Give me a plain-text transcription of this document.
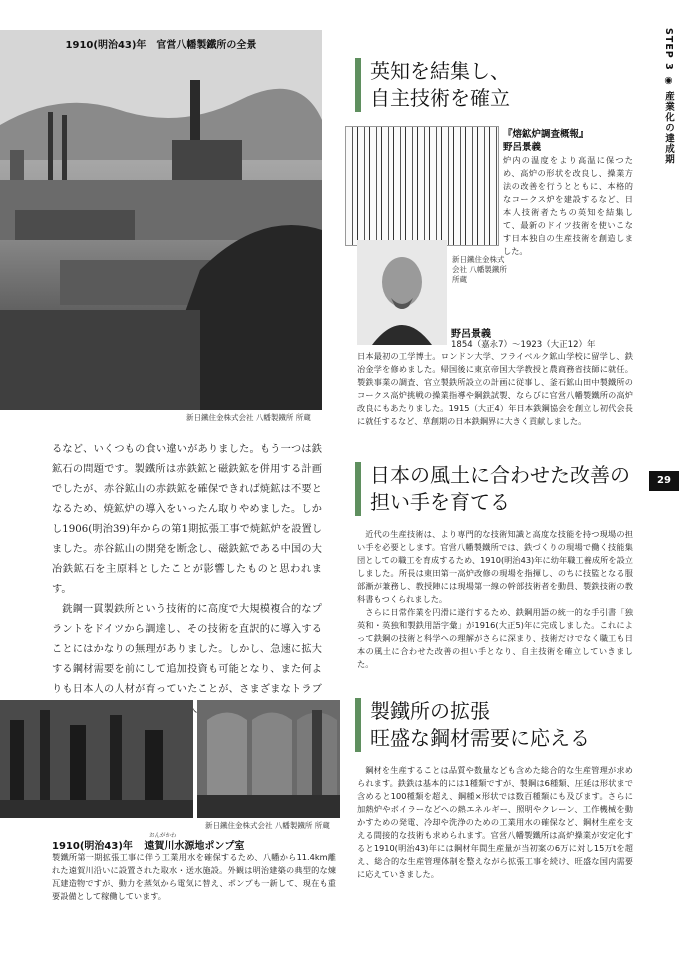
STEP 3 ◉ 産業化の達成期
29
1910(明治43)年　官営八幡製鐵所の全景
新日鐵住金株式会社 八幡製鐵所 所蔵
英知を結集し、
自主技術を確立
新日鐵住金株式会社 八幡製鐵所 所蔵
『熔鉱炉調査概報』
野呂景義
炉内の温度をより高温に保つため、高炉の形状を改良し、操業方法の改善を行うとともに、本格的なコークス炉を建設するなど、日本人技術者たちの英知を結集して、最新のドイツ技術を使いこなす日本独自の生産技術を創造しました。
野呂景義
1854（嘉永7）～1923（大正12）年
日本最初の工学博士。ロンドン大学、フライベルク鉱山学校に留学し、鉄冶金学を修めました。帰国後に東京帝国大学教授と農商務省技師に就任。製鉄事業の調査、官立製鉄所設立の計画に従事し、釜石鉱山田中製鐵所のコークス高炉挑戦の操業指導や鋼鉄試製、ならびに官営八幡製鐵所の高炉改良にもあたりました。1915（大正4）年日本鉄鋼協会を創立し初代会長に就任するなど、草創期の日本鉄鋼界に大きく貢献しました。

るなど、いくつもの食い違いがありました。もう一つは鉄鉱石の問題です。製鐵所は赤鉄鉱と磁鉄鉱を併用する計画でしたが、赤谷鉱山の赤鉄鉱を確保できれば焼鉱は不要となるため、焼鉱炉の導入をいったん取りやめました。しかし1906(明治39)年からの第1期拡張工事で焼鉱炉を設置しました。赤谷鉱山の開発を断念し、磁鉄鉱である中国の大冶鉄鉱石を主原料としたことが影響したものと思われます。

銑鋼一貫製鉄所という技術的に高度で大規模複合的なプラントをドイツから調達し、その技術を直訳的に導入することにはかなりの無理がありました。しかし、急速に拡大する鋼材需要を前にして追加投資も可能となり、また何よりも日本人の人材が育っていたことが、さまざまなトラブ

日本の風土に合わせた改善の
担い手を育てる

近代の生産技術は、より専門的な技術知識と高度な技能を持つ現場の担い手を必要とします。官営八幡製鐵所では、鉄づくりの現場で働く技能集団としての職工を育成するため、1910(明治43)年に幼年職工養成所を設立しました。所長は東田第一高炉改修の現場を指揮し、のちに技監となる服部漸が兼務し、教授陣には現場第一線の幹部技術者を動員、製鉄技術の教科書もつくられました。

さらに日常作業を円滑に遂行するため、鉄鋼用語の統一的な手引書「独英和・英独和製鉄用語字彙」が1916(大正5)年に完成しました。これによって鉄鋼の技術と科学への理解がさらに深まり、技術だけでなく職工も日本の風土に合わせた改善の担い手となり、自主技術を確立していきました。

製鐵所の拡張
旺盛な鋼材需要に応える

鋼材を生産することは品質や数量なども含めた総合的な生産管理が求められます。鉄鉄は基本的には1種類ですが、製鋼は6種類、圧延は形状まで含めると100種類を超え、鋼種×形状では数百種類にも及びます。さらに加熱炉やボイラーなどへの熱エネルギー、照明やクレーン、工作機械を動かすための発電、冷却や洗浄のための工業用水の確保など、鋼材生産を支える間接的な技術も求められます。官営八幡製鐵所は高炉操業が安定化すると1910(明治43)年には鋼材年間生産量が当初案の6万に対し15万tを超え、総合的な生産管理体制を整えながら拡張工事を続け、旺盛な国内需要に応えていきました。

新日鐵住金株式会社 八幡製鐵所 所蔵
おんがかわ
1910(明治43)年 遠賀川水源地ポンプ室
製鐵所第一期拡張工事に伴う工業用水を確保するため、八幡から11.4km離れた遠賀川沿いに設置された取水・送水施設。外観は明治建築の典型的な煉瓦建造物ですが、動力を蒸気から電気に替え、ポンプも一新して、現在も重要設備として稼働しています。
